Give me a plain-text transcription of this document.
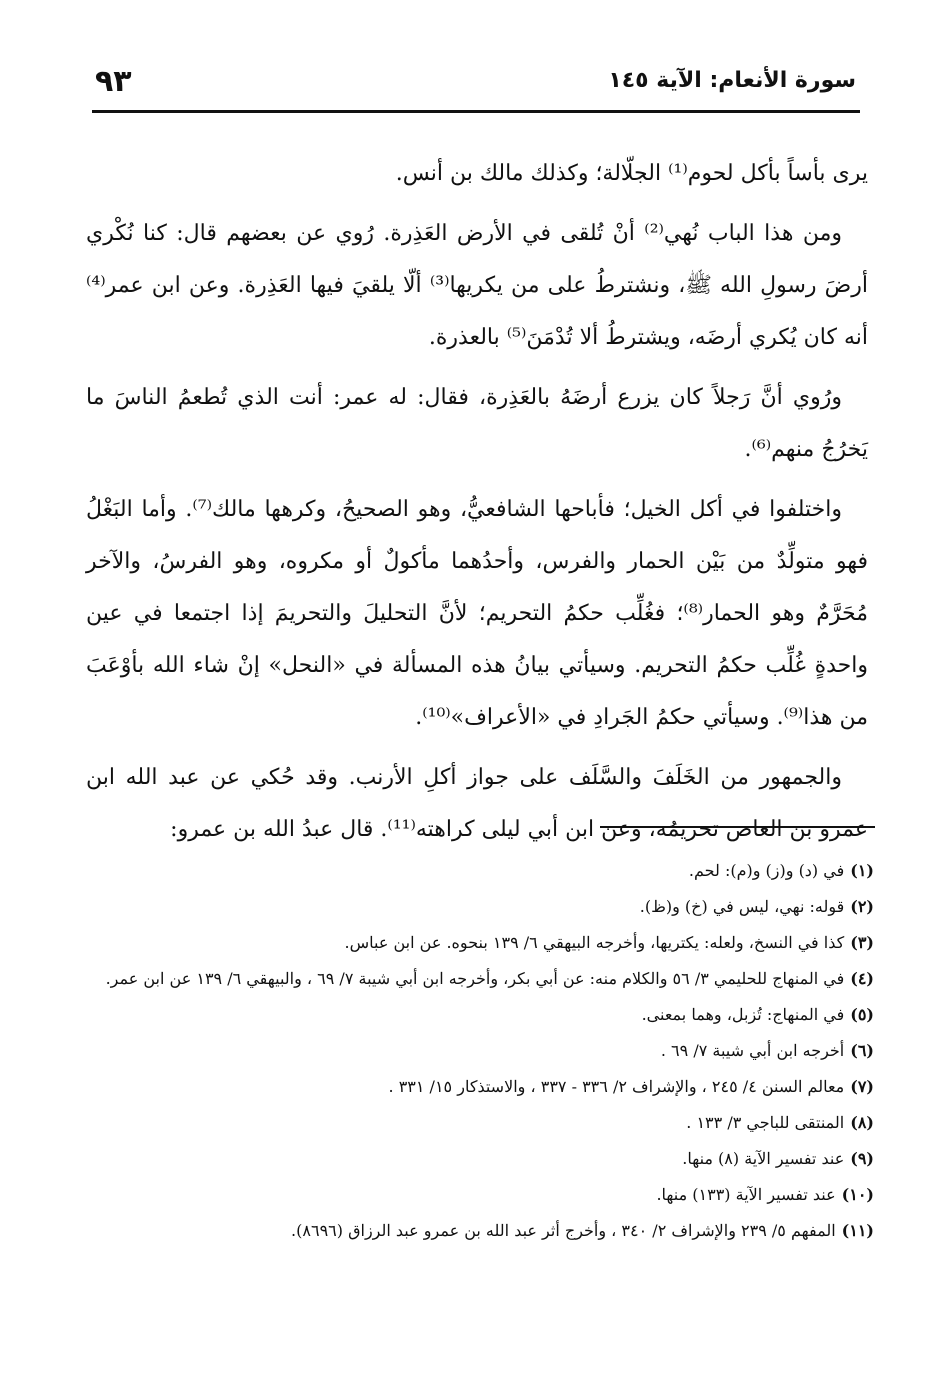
سورة الأنعام: الآية ١٤٥
٩٣

يرى بأساً بأكل لحوم⁽¹⁾ الجلّالة؛ وكذلك مالك بن أنس.

ومن هذا الباب نُهي⁽²⁾ أنْ تُلقى في الأرض العَذِرة. رُوي عن بعضهم قال: كنا نُكْري أرضَ رسولِ الله ﷺ، ونشترطُ على من يكريها⁽³⁾ ألّا يلقيَ فيها العَذِرة. وعن ابن عمر⁽⁴⁾ أنه كان يُكري أرضَه، ويشترطُ ألا تُدْمَنَ⁽⁵⁾ بالعذرة.

ورُوي أنَّ رَجلاً كان يزرع أرضَهُ بالعَذِرة، فقال: له عمر: أنت الذي تُطعمُ الناسَ ما يَخرُجُ منهم⁽⁶⁾.

واختلفوا في أكل الخيل؛ فأباحها الشافعيُّ، وهو الصحيحُ، وكرهها مالك⁽⁷⁾. وأما البَغْلُ فهو متولِّدٌ من بَيْن الحمار والفرس، وأحدُهما مأكولٌ أو مكروه، وهو الفرسُ، والآخر مُحَرَّمٌ وهو الحمار⁽⁸⁾؛ فغُلِّب حكمُ التحريم؛ لأنَّ التحليلَ والتحريمَ إذا اجتمعا في عين واحدةٍ غُلِّب حكمُ التحريم. وسيأتي بيانُ هذه المسألة في «النحل» إنْ شاء الله بأوْعَبَ من هذا⁽⁹⁾. وسيأتي حكمُ الجَرادِ في «الأعراف»⁽¹⁰⁾.

والجمهور من الخَلَفَ والسَّلَف على جواز أكلِ الأرنب. وقد حُكي عن عبد الله ابن عمرو بن العاص تحريمُه، وعن ابن أبي ليلى كراهته⁽¹¹⁾. قال عبدُ الله بن عمرو:

(١)في (د) و(ز) و(م): لحم.
(٢)قوله: نهي، ليس في (خ) و(ظ).
(٣)كذا في النسخ، ولعله: يكتريها، وأخرجه البيهقي ٦/ ١٣٩ بنحوه. عن ابن عباس.
(٤)في المنهاج للحليمي ٣/ ٥٦ والكلام منه: عن أبي بكر، وأخرجه ابن أبي شيبة ٧/ ٦٩ ، والبيهقي ٦/ ١٣٩ عن ابن عمر.
(٥)في المنهاج: تُزبل، وهما بمعنى.
(٦)أخرجه ابن أبي شيبة ٧/ ٦٩ .
(٧)معالم السنن ٤/ ٢٤٥ ، والإشراف ٢/ ٣٣٦ - ٣٣٧ ، والاستذكار ١٥/ ٣٣١ .
(٨)المنتقى للباجي ٣/ ١٣٣ .
(٩)عند تفسير الآية (٨) منها.
(١٠)عند تفسير الآية (١٣٣) منها.
(١١)المفهم ٥/ ٢٣٩ والإشراف ٢/ ٣٤٠ ، وأخرج أثر عبد الله بن عمرو عبد الرزاق (٨٦٩٦).
